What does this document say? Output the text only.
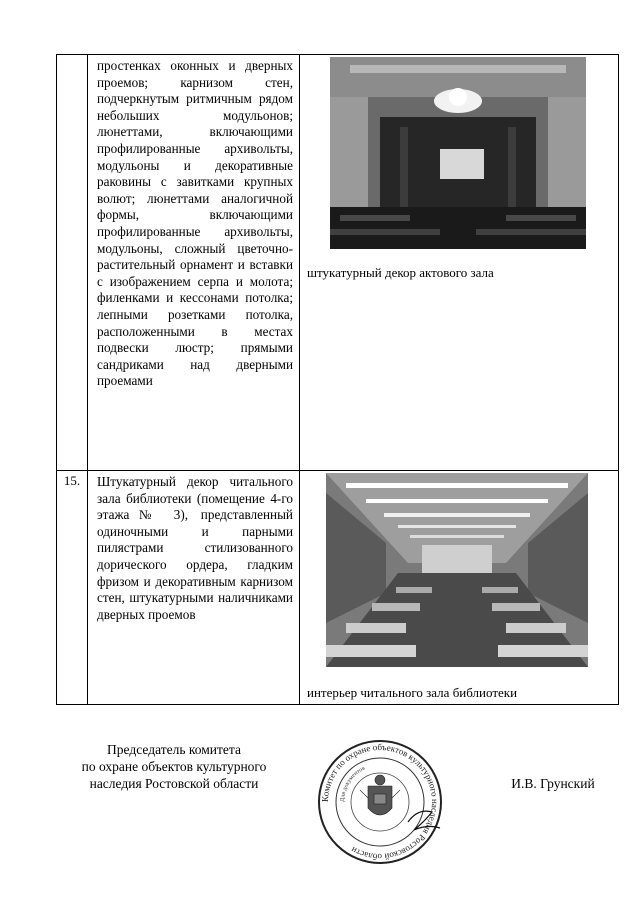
	простенках оконных и дверных проемов; карнизом стен, подчеркнутым ритмичным рядом небольших модульонов; люнеттами, включающими профилированные архивольты, модульоны и декоративные раковины с завитками крупных волют; люнеттами аналогичной формы, включающими профилированные архивольты, модульоны, сложный цветочно-растительный орнамент и вставки с изображением серпа и молота; филенками и кессонами потолка; лепными розетками потолка, расположенными в местах подвески люстр; прямыми сандриками над дверными проемами	штукатурный декор актового зала

15.	Штукатурный декор читального зала библиотеки (помещение 4-го этажа№ 3), представленный одиночными и парными пилястрами стилизованного дорического ордера, гладким фризом и декоративным карнизом стен, штукатурными наличниками дверных проемов	интерьер читального зала библиотеки
Председатель комитета
по охране объектов культурного
наследия Ростовской области
Комитет по охране объектов культурного наследия Ростовской области
Для документов
И.В. Грунский
